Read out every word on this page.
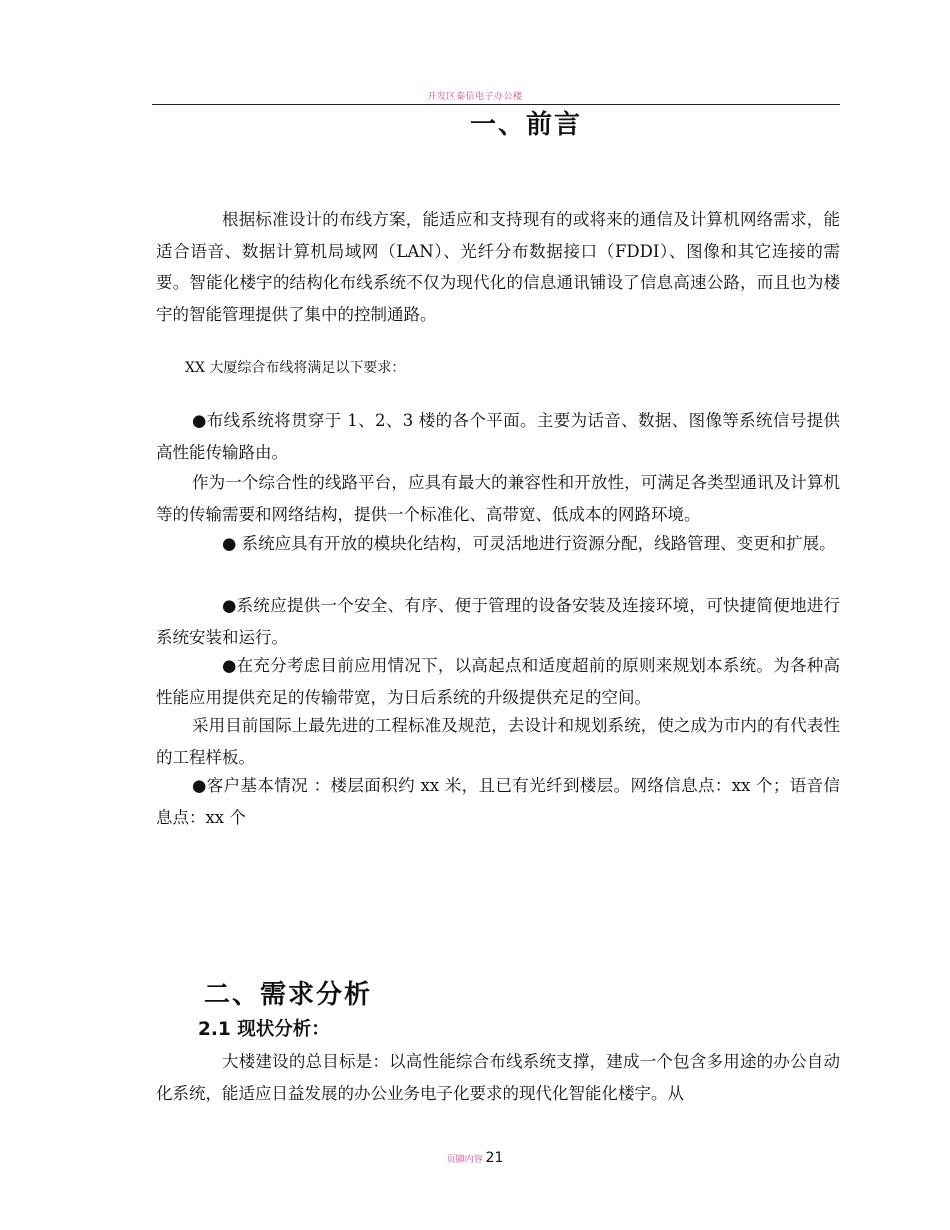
开发区泰信电子办公楼
一、前言
根据标准设计的布线方案，能适应和支持现有的或将来的通信及计算机网络需求，能适合语音、数据计算机局域网（LAN）、光纤分布数据接口（FDDI）、图像和其它连接的需要。智能化楼宇的结构化布线系统不仅为现代化的信息通讯铺设了信息高速公路，而且也为楼宇的智能管理提供了集中的控制通路。
XX 大厦综合布线将满足以下要求：
●布线系统将贯穿于 1、2、3 楼的各个平面。主要为话音、数据、图像等系统信号提供高性能传输路由。
作为一个综合性的线路平台，应具有最大的兼容性和开放性，可满足各类型通讯及计算机等的传输需要和网络结构，提供一个标准化、高带宽、低成本的网路环境。
● 系统应具有开放的模块化结构，可灵活地进行资源分配，线路管理、变更和扩展。
●系统应提供一个安全、有序、便于管理的设备安装及连接环境，可快捷简便地进行系统安装和运行。
●在充分考虑目前应用情况下，以高起点和适度超前的原则来规划本系统。为各种高性能应用提供充足的传输带宽，为日后系统的升级提供充足的空间。
采用目前国际上最先进的工程标准及规范，去设计和规划系统，使之成为市内的有代表性的工程样板。
●客户基本情况 ：楼层面积约 xx 米，且已有光纤到楼层。网络信息点：xx 个；语音信息点：xx 个
二、需求分析
2.1 现状分析：
大楼建设的总目标是：以高性能综合布线系统支撑，建成一个包含多用途的办公自动化系统，能适应日益发展的办公业务电子化要求的现代化智能化楼宇。从
页脚内容 21
